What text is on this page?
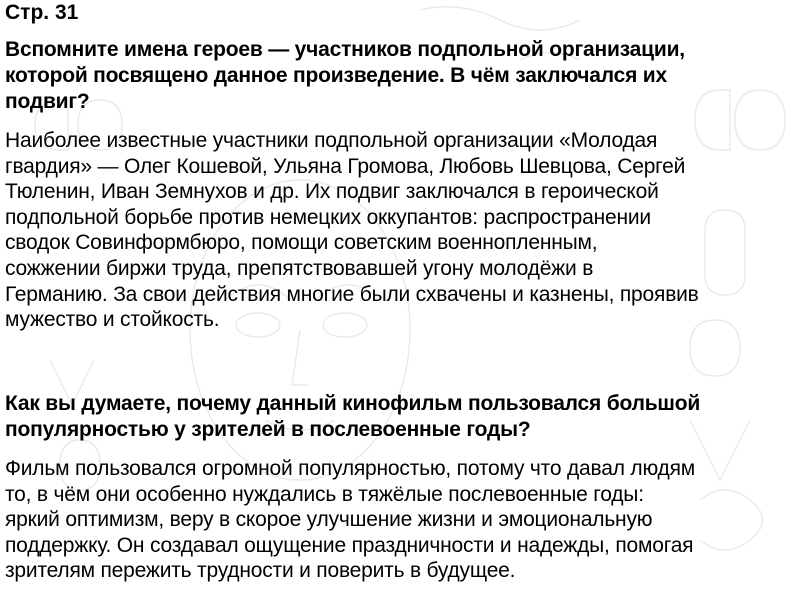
Стр. 31
Вспомните имена героев — участников подпольной организации,
которой посвящено данное произведение. В чём заключался их
подвиг?
Наиболее известные участники подпольной организации «Молодая
гвардия» — Олег Кошевой, Ульяна Громова, Любовь Шевцова, Сергей
Тюленин, Иван Земнухов и др. Их подвиг заключался в героической
подпольной борьбе против немецких оккупантов: распространении
сводок Совинформбюро, помощи советским военнопленным,
сожжении биржи труда, препятствовавшей угону молодёжи в
Германию. За свои действия многие были схвачены и казнены, проявив
мужество и стойкость.
Как вы думаете, почему данный кинофильм пользовался большой
популярностью у зрителей в послевоенные годы?
Фильм пользовался огромной популярностью, потому что давал людям
то, в чём они особенно нуждались в тяжёлые послевоенные годы:
яркий оптимизм, веру в скорое улучшение жизни и эмоциональную
поддержку. Он создавал ощущение праздничности и надежды, помогая
зрителям пережить трудности и поверить в будущее.
